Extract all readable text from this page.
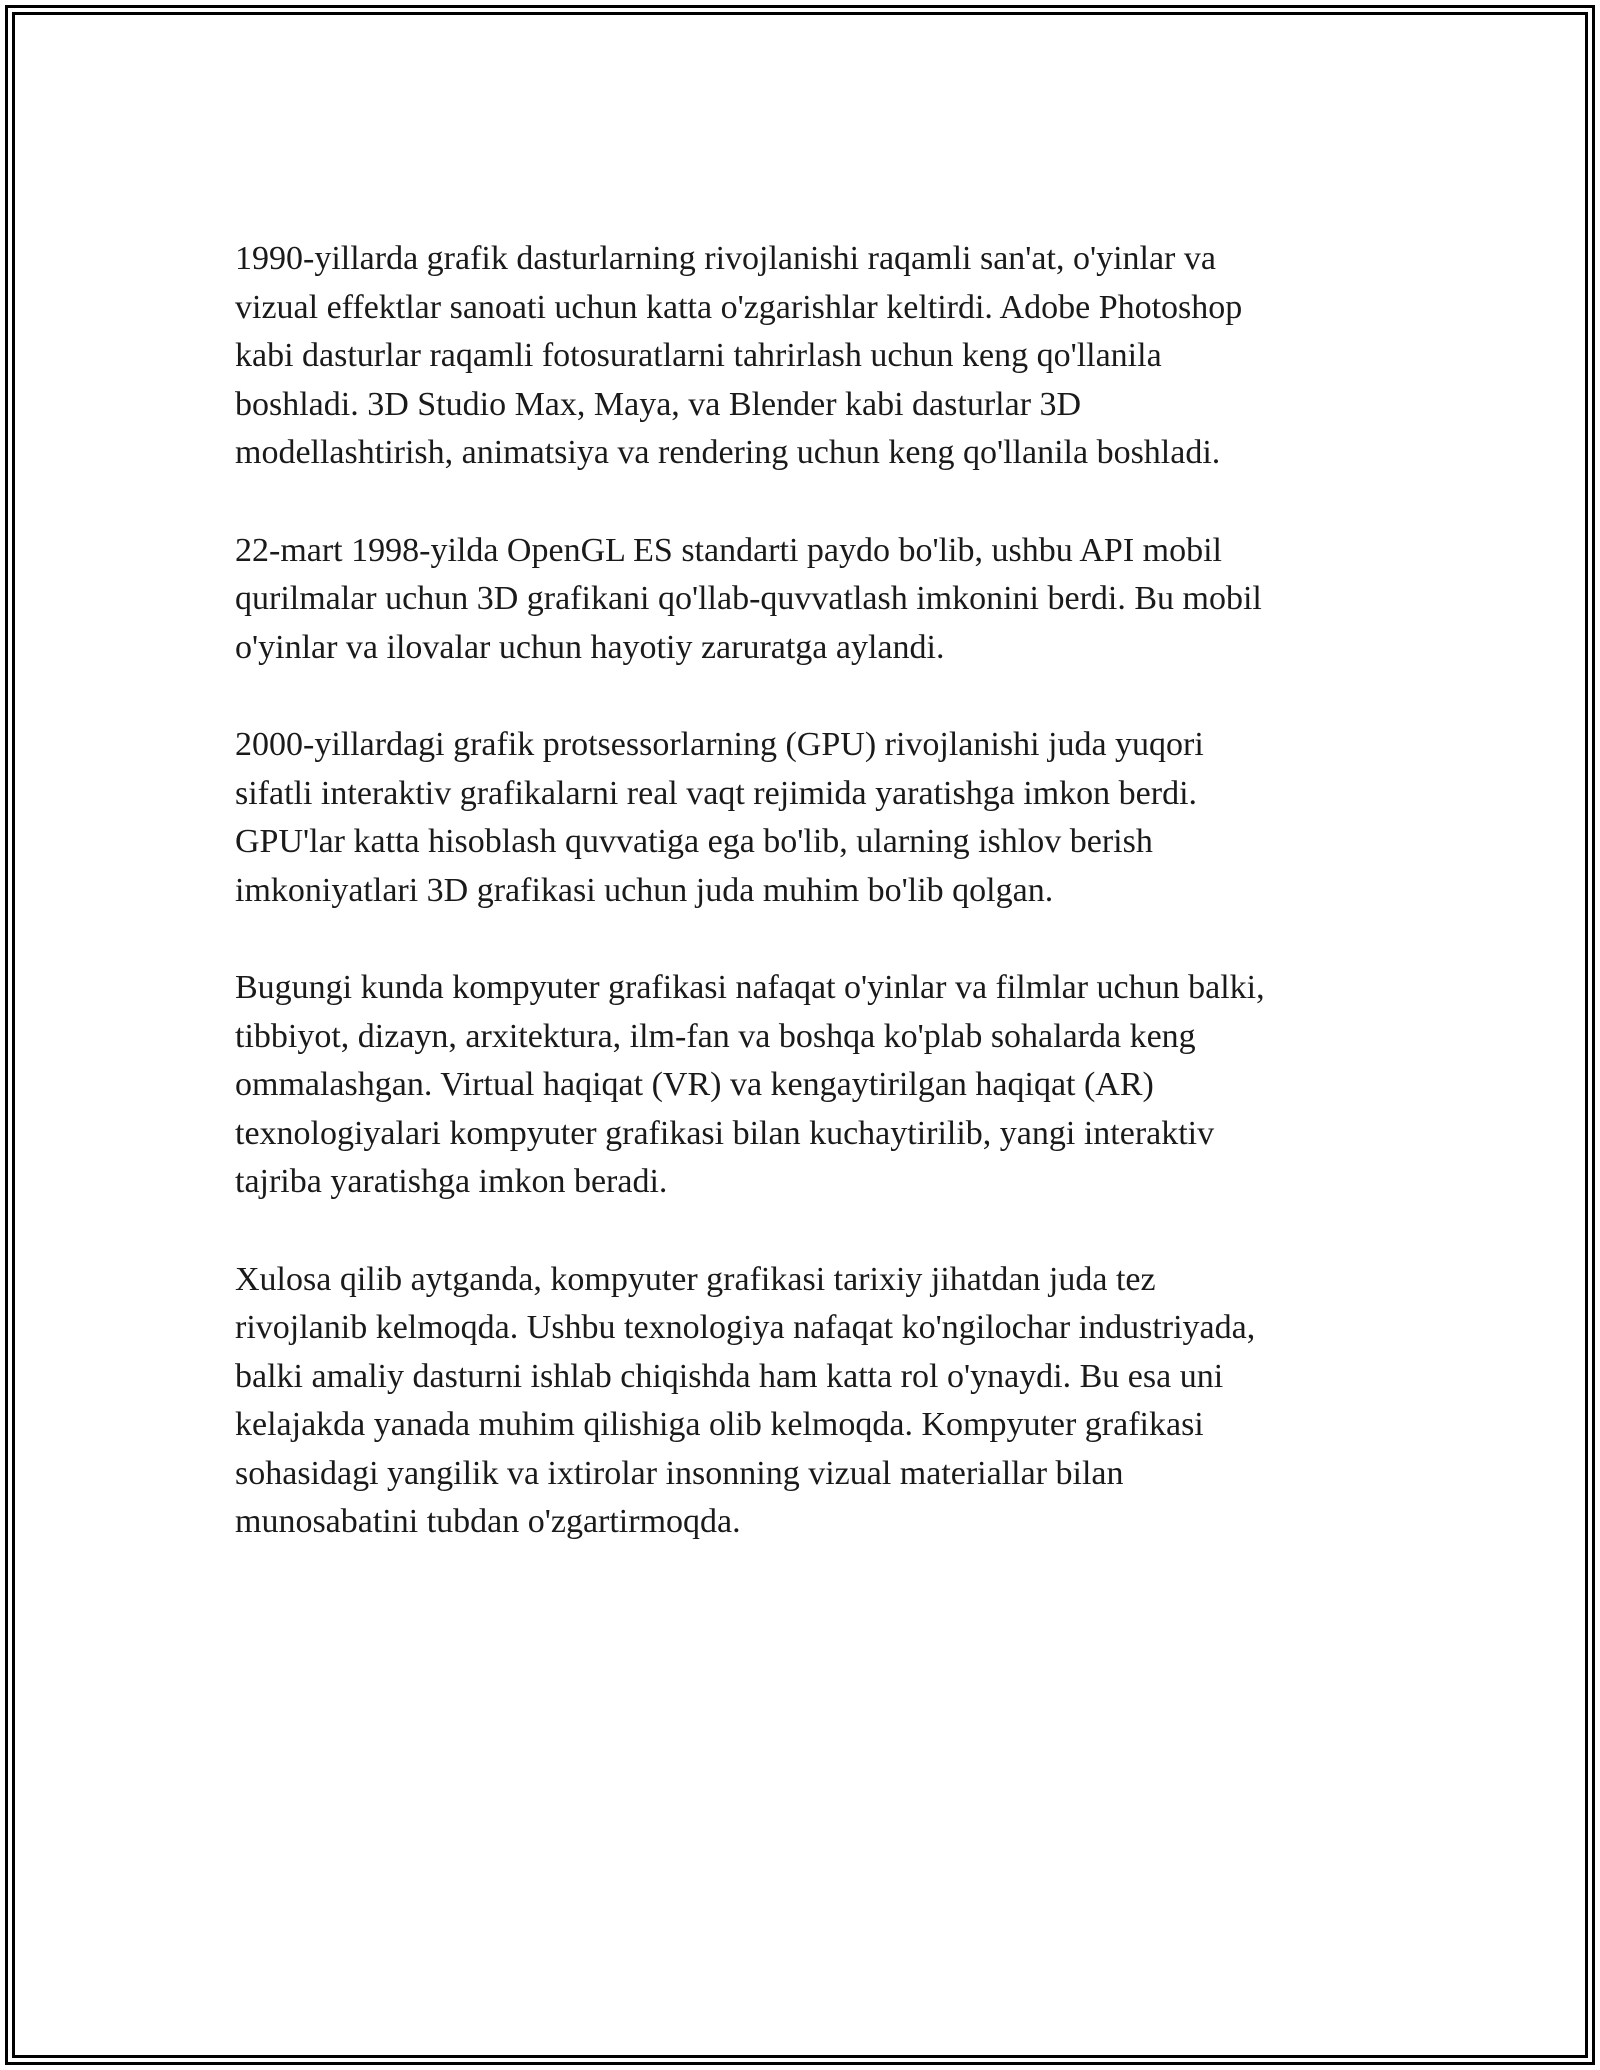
1990-yillarda grafik dasturlarning rivojlanishi raqamli san'at, o'yinlar va
vizual effektlar sanoati uchun katta o'zgarishlar keltirdi. Adobe Photoshop
kabi dasturlar raqamli fotosuratlarni tahrirlash uchun keng qo'llanila
boshladi. 3D Studio Max, Maya, va Blender kabi dasturlar 3D
modellashtirish, animatsiya va rendering uchun keng qo'llanila boshladi.

22-mart 1998-yilda OpenGL ES standarti paydo bo'lib, ushbu API mobil
qurilmalar uchun 3D grafikani qo'llab-quvvatlash imkonini berdi. Bu mobil
o'yinlar va ilovalar uchun hayotiy zaruratga aylandi.

2000-yillardagi grafik protsessorlarning (GPU) rivojlanishi juda yuqori
sifatli interaktiv grafikalarni real vaqt rejimida yaratishga imkon berdi.
GPU'lar katta hisoblash quvvatiga ega bo'lib, ularning ishlov berish
imkoniyatlari 3D grafikasi uchun juda muhim bo'lib qolgan.

Bugungi kunda kompyuter grafikasi nafaqat o'yinlar va filmlar uchun balki,
tibbiyot, dizayn, arxitektura, ilm-fan va boshqa ko'plab sohalarda keng
ommalashgan. Virtual haqiqat (VR) va kengaytirilgan haqiqat (AR)
texnologiyalari kompyuter grafikasi bilan kuchaytirilib, yangi interaktiv
tajriba yaratishga imkon beradi.

Xulosa qilib aytganda, kompyuter grafikasi tarixiy jihatdan juda tez
rivojlanib kelmoqda. Ushbu texnologiya nafaqat ko'ngilochar industriyada,
balki amaliy dasturni ishlab chiqishda ham katta rol o'ynaydi. Bu esa uni
kelajakda yanada muhim qilishiga olib kelmoqda. Kompyuter grafikasi
sohasidagi yangilik va ixtirolar insonning vizual materiallar bilan
munosabatini tubdan o'zgartirmoqda.
